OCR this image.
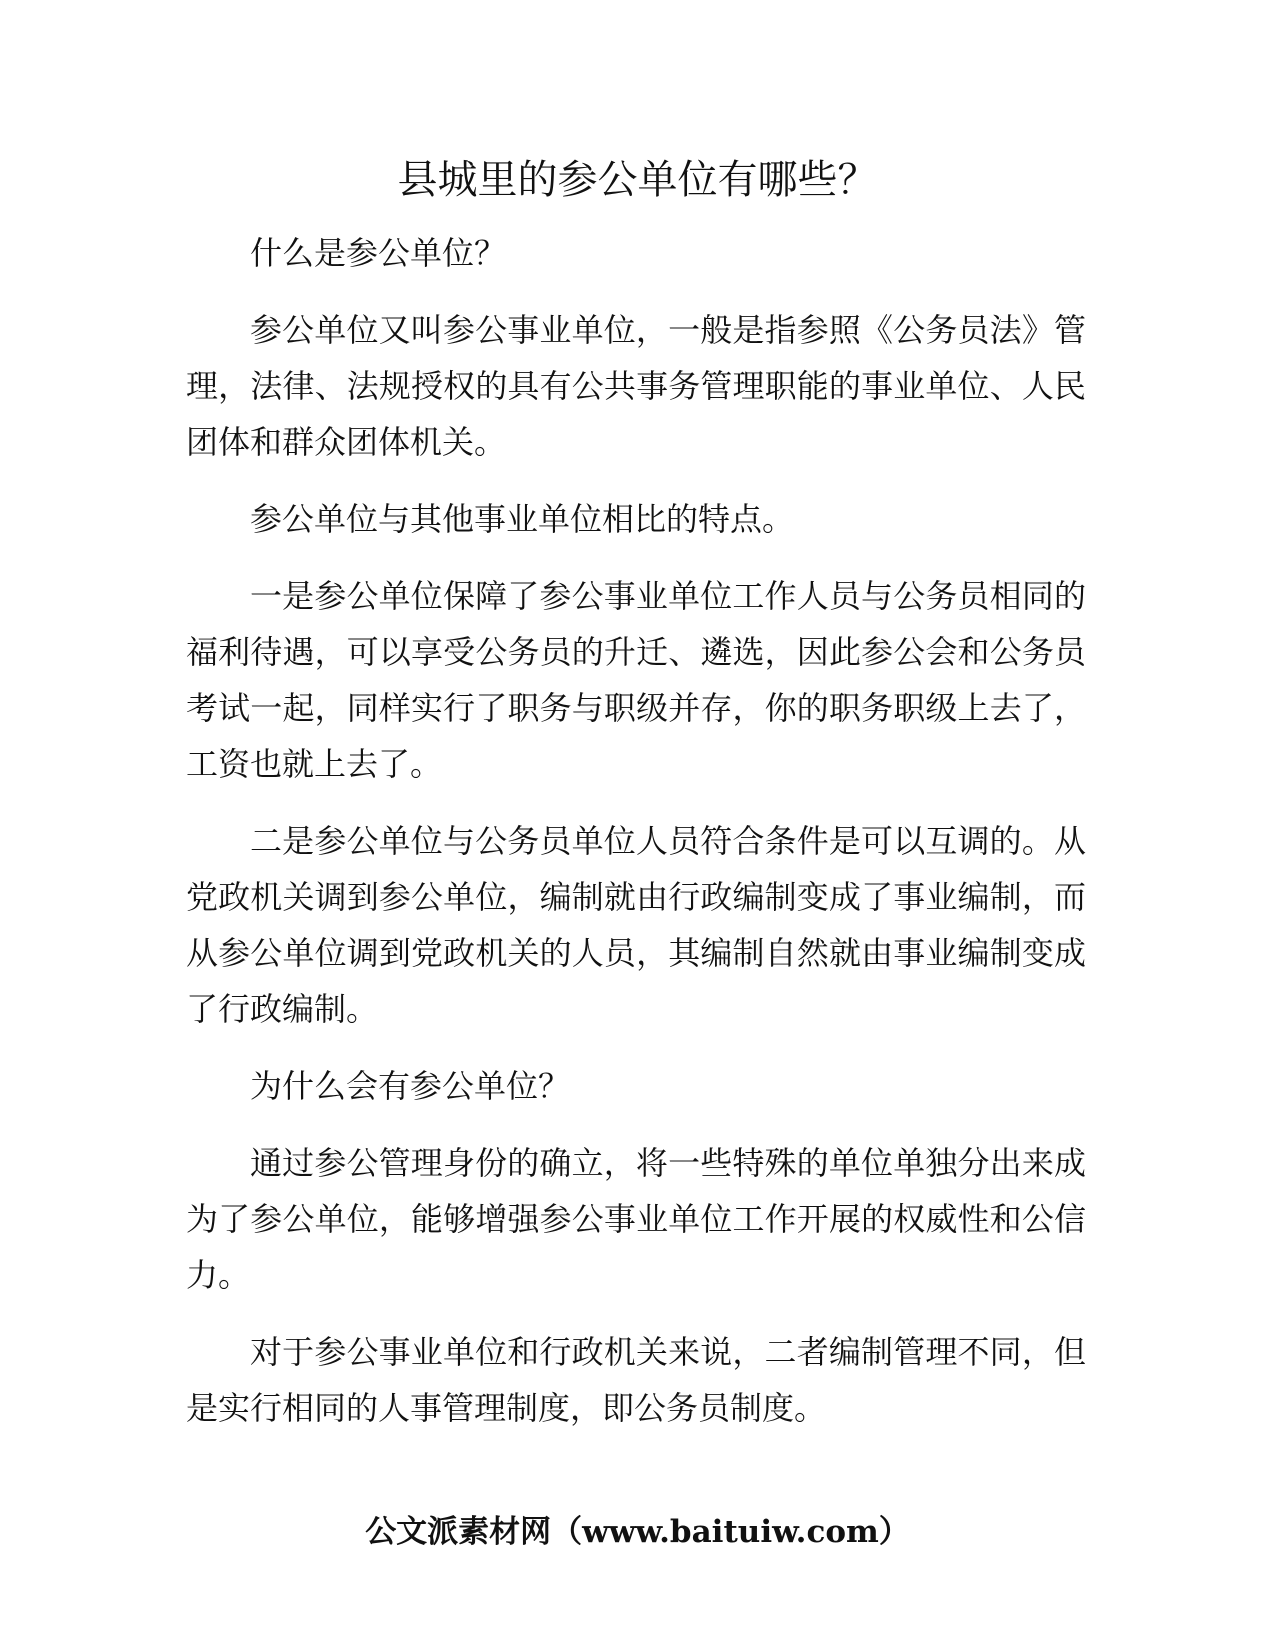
县城里的参公单位有哪些？

什么是参公单位？

参公单位又叫参公事业单位，一般是指参照《公务员法》管理，法律、法规授权的具有公共事务管理职能的事业单位、人民团体和群众团体机关。

参公单位与其他事业单位相比的特点。

一是参公单位保障了参公事业单位工作人员与公务员相同的福利待遇，可以享受公务员的升迁、遴选，因此参公会和公务员考试一起，同样实行了职务与职级并存，你的职务职级上去了，工资也就上去了。

二是参公单位与公务员单位人员符合条件是可以互调的。从党政机关调到参公单位，编制就由行政编制变成了事业编制，而从参公单位调到党政机关的人员，其编制自然就由事业编制变成了行政编制。

为什么会有参公单位？

通过参公管理身份的确立，将一些特殊的单位单独分出来成为了参公单位，能够增强参公事业单位工作开展的权威性和公信力。

对于参公事业单位和行政机关来说，二者编制管理不同，但是实行相同的人事管理制度，即公务员制度。

公文派素材网（www.baituiw.com）
